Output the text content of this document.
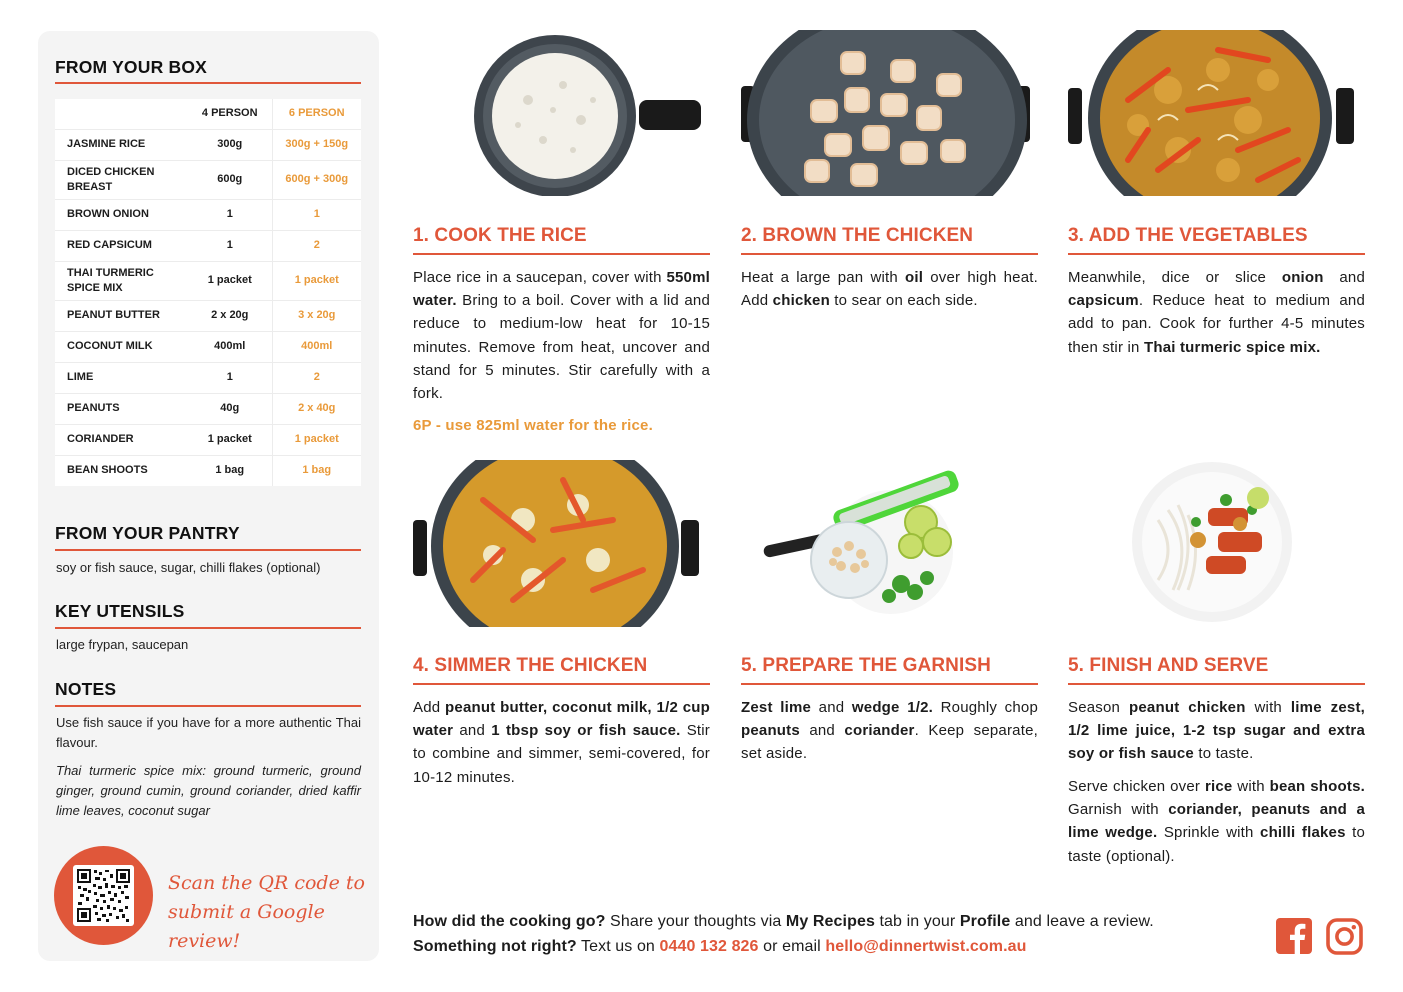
FROM YOUR BOX
	4 PERSON	6 PERSON
JASMINE RICE	300g	300g + 150g
DICED CHICKEN BREAST	600g	600g + 300g
BROWN ONION	1	1
RED CAPSICUM	1	2
THAI TURMERIC SPICE MIX	1 packet	1 packet
PEANUT BUTTER	2 x 20g	3 x 20g
COCONUT MILK	400ml	400ml
LIME	1	2
PEANUTS	40g	2 x 40g
CORIANDER	1 packet	1 packet
BEAN SHOOTS	1 bag	1 bag
FROM YOUR PANTRY
soy or fish sauce, sugar, chilli flakes (optional)
KEY UTENSILS
large frypan, saucepan
NOTES
Use fish sauce if you have for a more authentic Thai flavour.
Thai turmeric spice mix: ground turmeric, ground ginger, ground cumin, ground coriander, dried kaffir lime leaves, coconut sugar
Scan the QR code to
submit a Google review!
1. COOK THE RICE
Place rice in a saucepan, cover with 550ml water. Bring to a boil. Cover with a lid and reduce to medium-low heat for 10-15 minutes. Remove from heat, uncover and stand for 5 minutes. Stir carefully with a fork.
6P - use 825ml water for the rice.
2. BROWN THE CHICKEN
Heat a large pan with oil over high heat. Add chicken to sear on each side.
3. ADD THE VEGETABLES
Meanwhile, dice or slice onion and capsicum. Reduce heat to medium and add to pan. Cook for further 4-5 minutes then stir in Thai turmeric spice mix.
4. SIMMER THE CHICKEN
Add peanut butter, coconut milk, 1/2 cup water and 1 tbsp soy or fish sauce. Stir to combine and simmer, semi-covered, for 10-12 minutes.
5. PREPARE THE GARNISH
Zest lime and wedge 1/2. Roughly chop peanuts and coriander. Keep separate, set aside.
5. FINISH AND SERVE
Season peanut chicken with lime zest, 1/2 lime juice, 1-2 tsp sugar and extra soy or fish sauce to taste.
Serve chicken over rice with bean shoots. Garnish with coriander, peanuts and a lime wedge. Sprinkle with chilli flakes to taste (optional).
How did the cooking go? Share your thoughts via My Recipes tab in your Profile and leave a review.
Something not right? Text us on 0440 132 826 or email hello@dinnertwist.com.au
